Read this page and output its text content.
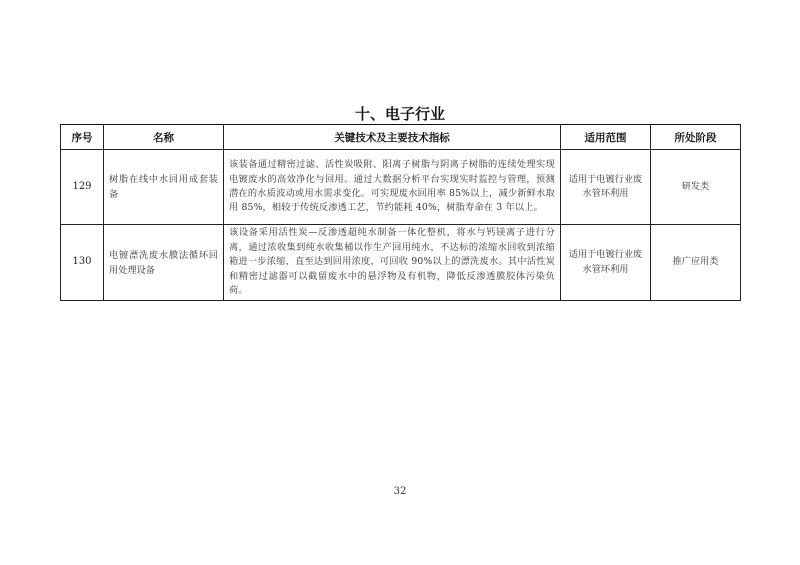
十、电子行业
序号	名称	关键技术及主要技术指标	适用范围	所处阶段
129	树脂在线中水回用成套装备	该装备通过精密过滤、活性炭吸附、阳离子树脂与阴离子树脂的连续处理实现电镀废水的高效净化与回用。通过大数据分析平台实现实时监控与管理，预测潜在的水质波动或用水需求变化。可实现废水回用率 85%以上，减少新鲜水取用 85%，相较于传统反渗透工艺，节约能耗 40%，树脂寿命在 3 年以上。	适用于电镀行业废水管环利用	研发类
130	电镀漂洗废水膜法循环回用处理设备	该设备采用活性炭—反渗透超纯水制备一体化整机，将水与钙镁离子进行分离，通过浓收集到纯水收集桶以作生产回用纯水，不达标的浓缩水回收到浓缩箱进一步浓缩，直至达到回用浓度，可回收 90%以上的漂洗废水。其中活性炭和精密过滤器可以截留废水中的悬浮物及有机物，降低反渗透膜胶体污染负荷。	适用于电镀行业废水管环利用	推广应用类
32
